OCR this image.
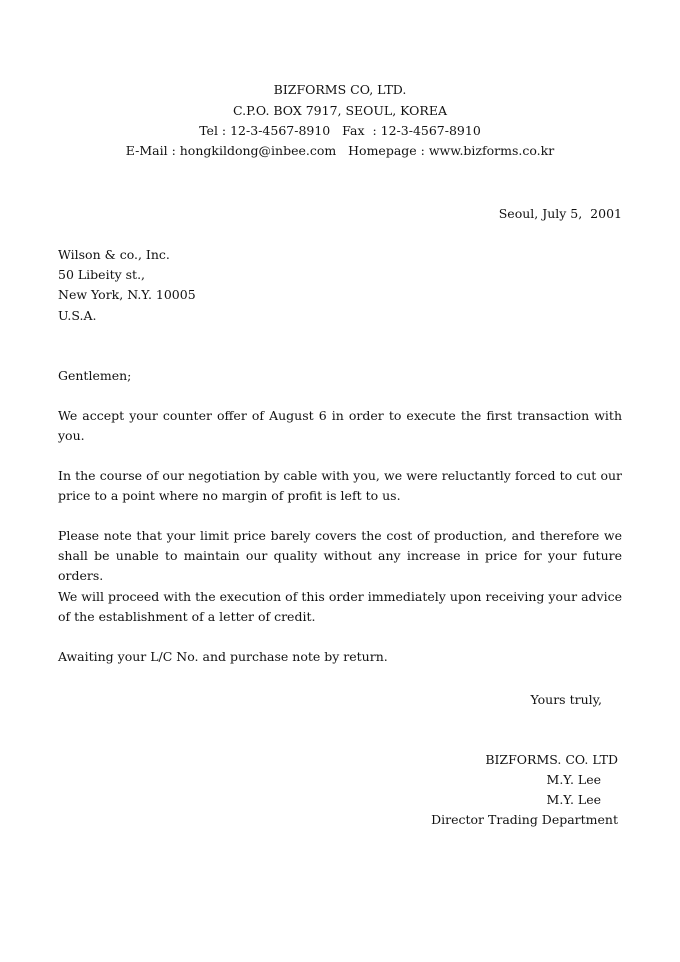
BIZFORMS CO, LTD.
C.P.O. BOX 7917, SEOUL, KOREA
Tel : 12-3-4567-8910   Fax  : 12-3-4567-8910
E-Mail : hongkildong@inbee.com   Homepage : www.bizforms.co.kr
Seoul, July 5,  2001
Wilson & co., Inc.
50 Libeity st.,
New York, N.Y. 10005
U.S.A.
Gentlemen;
We accept your counter offer of August 6 in order to execute the first transaction with you.
In the course of our negotiation by cable with you, we were reluctantly forced to cut our price to a point where no margin of profit is left to us.
Please note that your limit price barely covers the cost of production, and therefore we shall be unable to maintain our quality without any increase in price for your future orders.
We will proceed with the execution of this order immediately upon receiving your advice of the establishment of a letter of credit.
Awaiting your L/C No. and purchase note by return.
Yours truly,
BIZFORMS. CO. LTD
M.Y. Lee
M.Y. Lee
Director Trading Department
